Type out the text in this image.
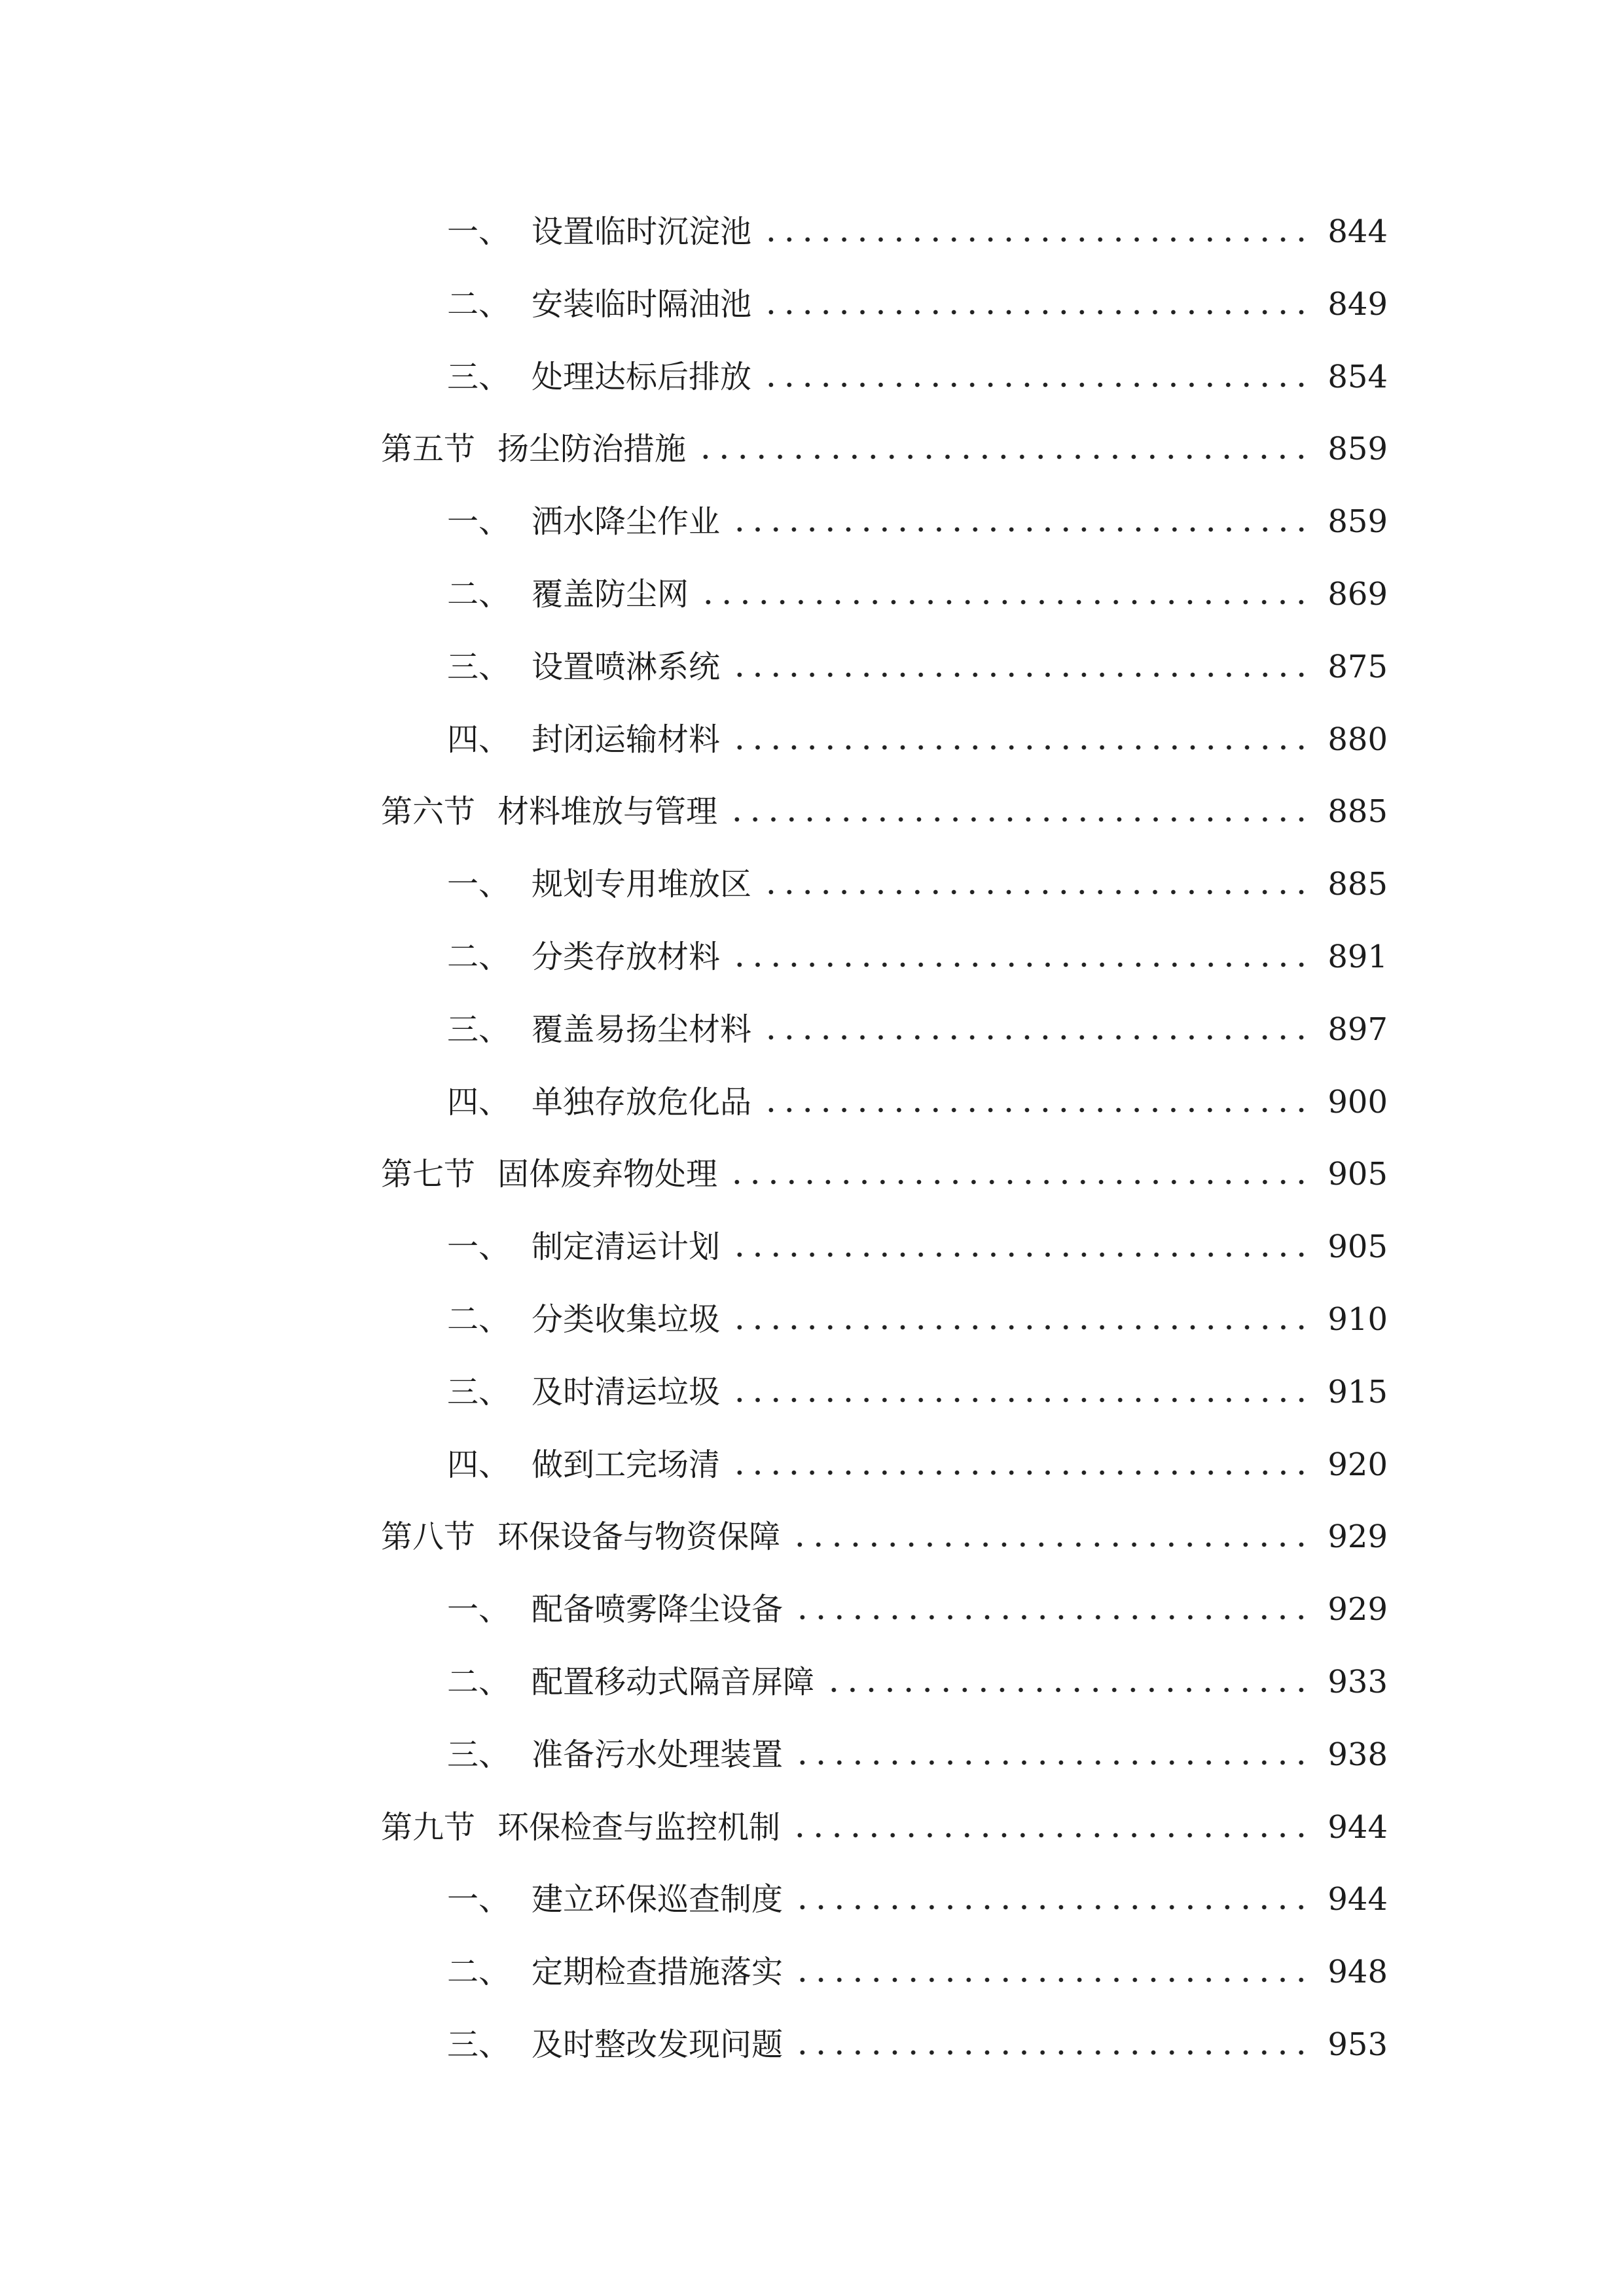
一、 设置临时沉淀池	844
二、 安装临时隔油池	849
三、 处理达标后排放	854
第五节 扬尘防治措施	859
一、 洒水降尘作业	859
二、 覆盖防尘网	869
三、 设置喷淋系统	875
四、 封闭运输材料	880
第六节 材料堆放与管理	885
一、 规划专用堆放区	885
二、 分类存放材料	891
三、 覆盖易扬尘材料	897
四、 单独存放危化品	900
第七节 固体废弃物处理	905
一、 制定清运计划	905
二、 分类收集垃圾	910
三、 及时清运垃圾	915
四、 做到工完场清	920
第八节 环保设备与物资保障	929
一、 配备喷雾降尘设备	929
二、 配置移动式隔音屏障	933
三、 准备污水处理装置	938
第九节 环保检查与监控机制	944
一、 建立环保巡查制度	944
二、 定期检查措施落实	948
三、 及时整改发现问题	953
